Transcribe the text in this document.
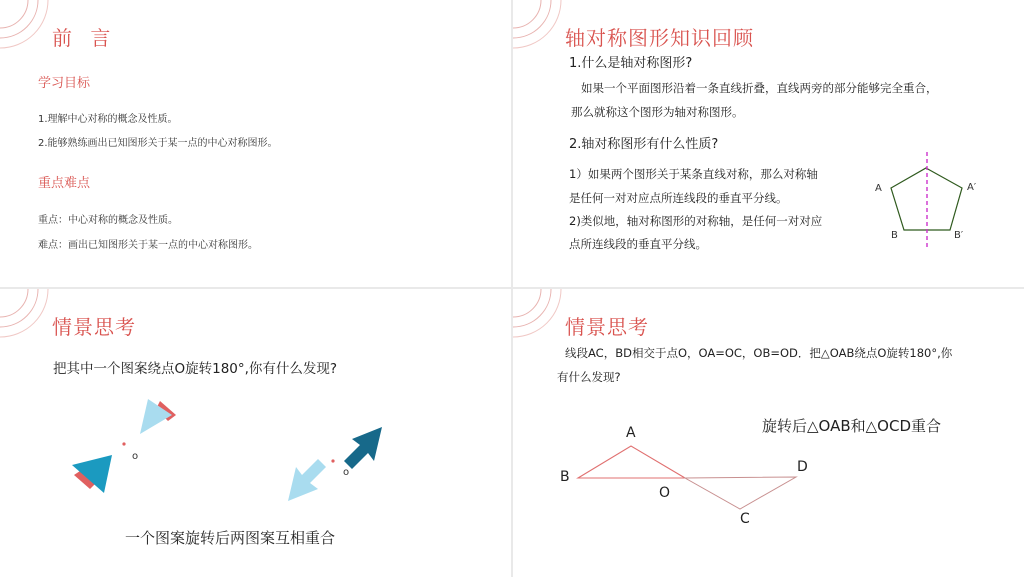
前 言
学习目标
1.理解中心对称的概念及性质。
2.能够熟练画出已知图形关于某一点的中心对称图形。
重点难点
重点：中心对称的概念及性质。
难点：画出已知图形关于某一点的中心对称图形。
轴对称图形知识回顾
1.什么是轴对称图形?
如果一个平面图形沿着一条直线折叠，直线两旁的部分能够完全重合，
那么就称这个图形为轴对称图形。
2.轴对称图形有什么性质?
1）如果两个图形关于某条直线对称，那么对称轴
是任何一对对应点所连线段的垂直平分线。
2)类似地，轴对称图形的对称轴，是任何一对对应
点所连线段的垂直平分线。
A	A′
B	B′
情景思考
把其中一个图案绕点O旋转180°,你有什么发现?
o
o
一个图案旋转后两图案互相重合
情景思考
线段AC，BD相交于点O，OA=OC，OB=OD．把△OAB绕点O旋转180°,你
有什么发现?
旋转后△OAB和△OCD重合
A
B
O
C
D
